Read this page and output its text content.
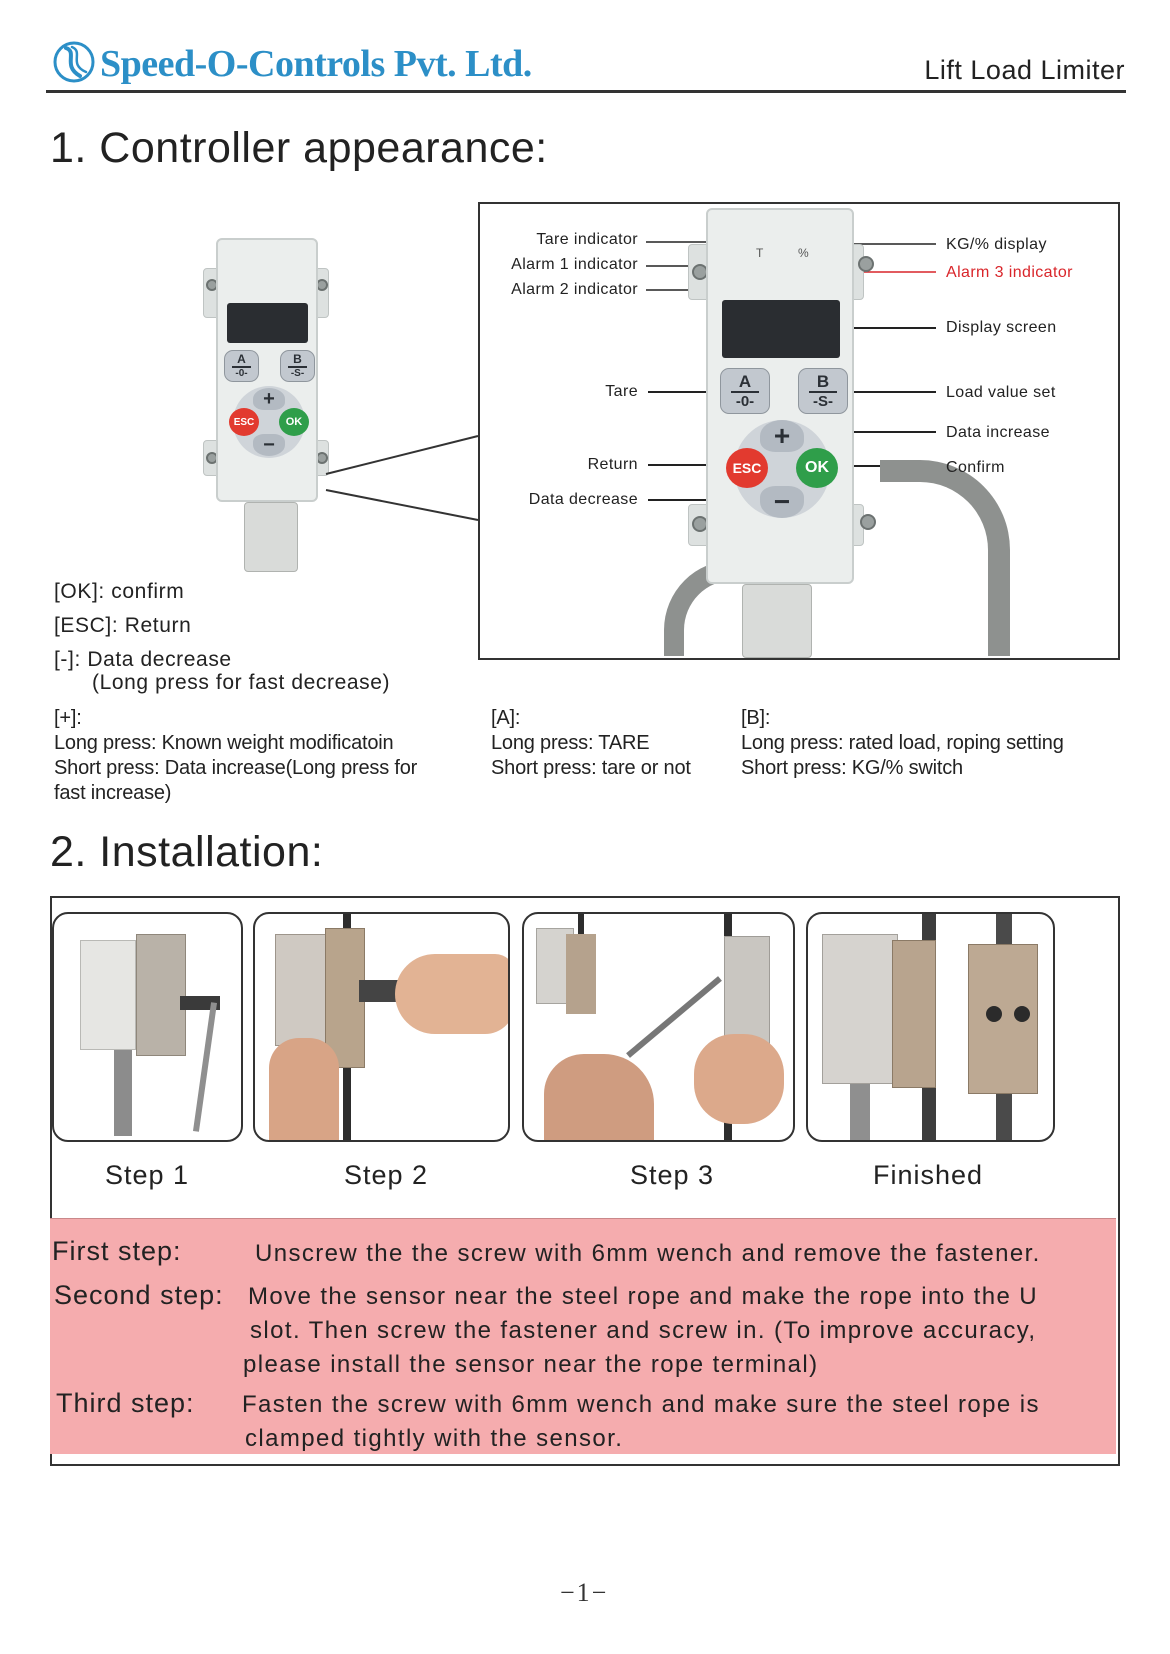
Speed-O-Controls Pvt. Ltd.	Lift Load Limiter
1. Controller appearance:
A
-0-
B
-S-
+
−
ESC	OK
T	%
A
-0-
B
-S-
+
−
ESC	OK
Tare indicator
Alarm 1 indicator
Alarm 2 indicator
Tare
Return
Data decrease
KG/% display
Alarm 3 indicator
Display screen
Load value set
Data increase
Confirm
[OK]: confirm
[ESC]: Return
[-]: Data decrease
(Long press for fast decrease)
[+]:
Long press: Known weight modificatoin
Short press: Data increase(Long press for
fast increase)
[A]:
Long press: TARE
Short press: tare or not
[B]:
Long press: rated load, roping setting
Short press: KG/% switch
2. Installation:
Step 1	Step 2	Step 3	Finished
First step:	Unscrew the the screw with 6mm wench and remove the fastener.
Second step: Move the sensor near the steel rope and make the rope into the U
slot. Then screw the fastener and screw in. (To improve accuracy,
please install the sensor near the rope terminal)
Third step: Fasten the screw with 6mm wench and make sure the steel rope is
clamped tightly with the sensor.
−1−
